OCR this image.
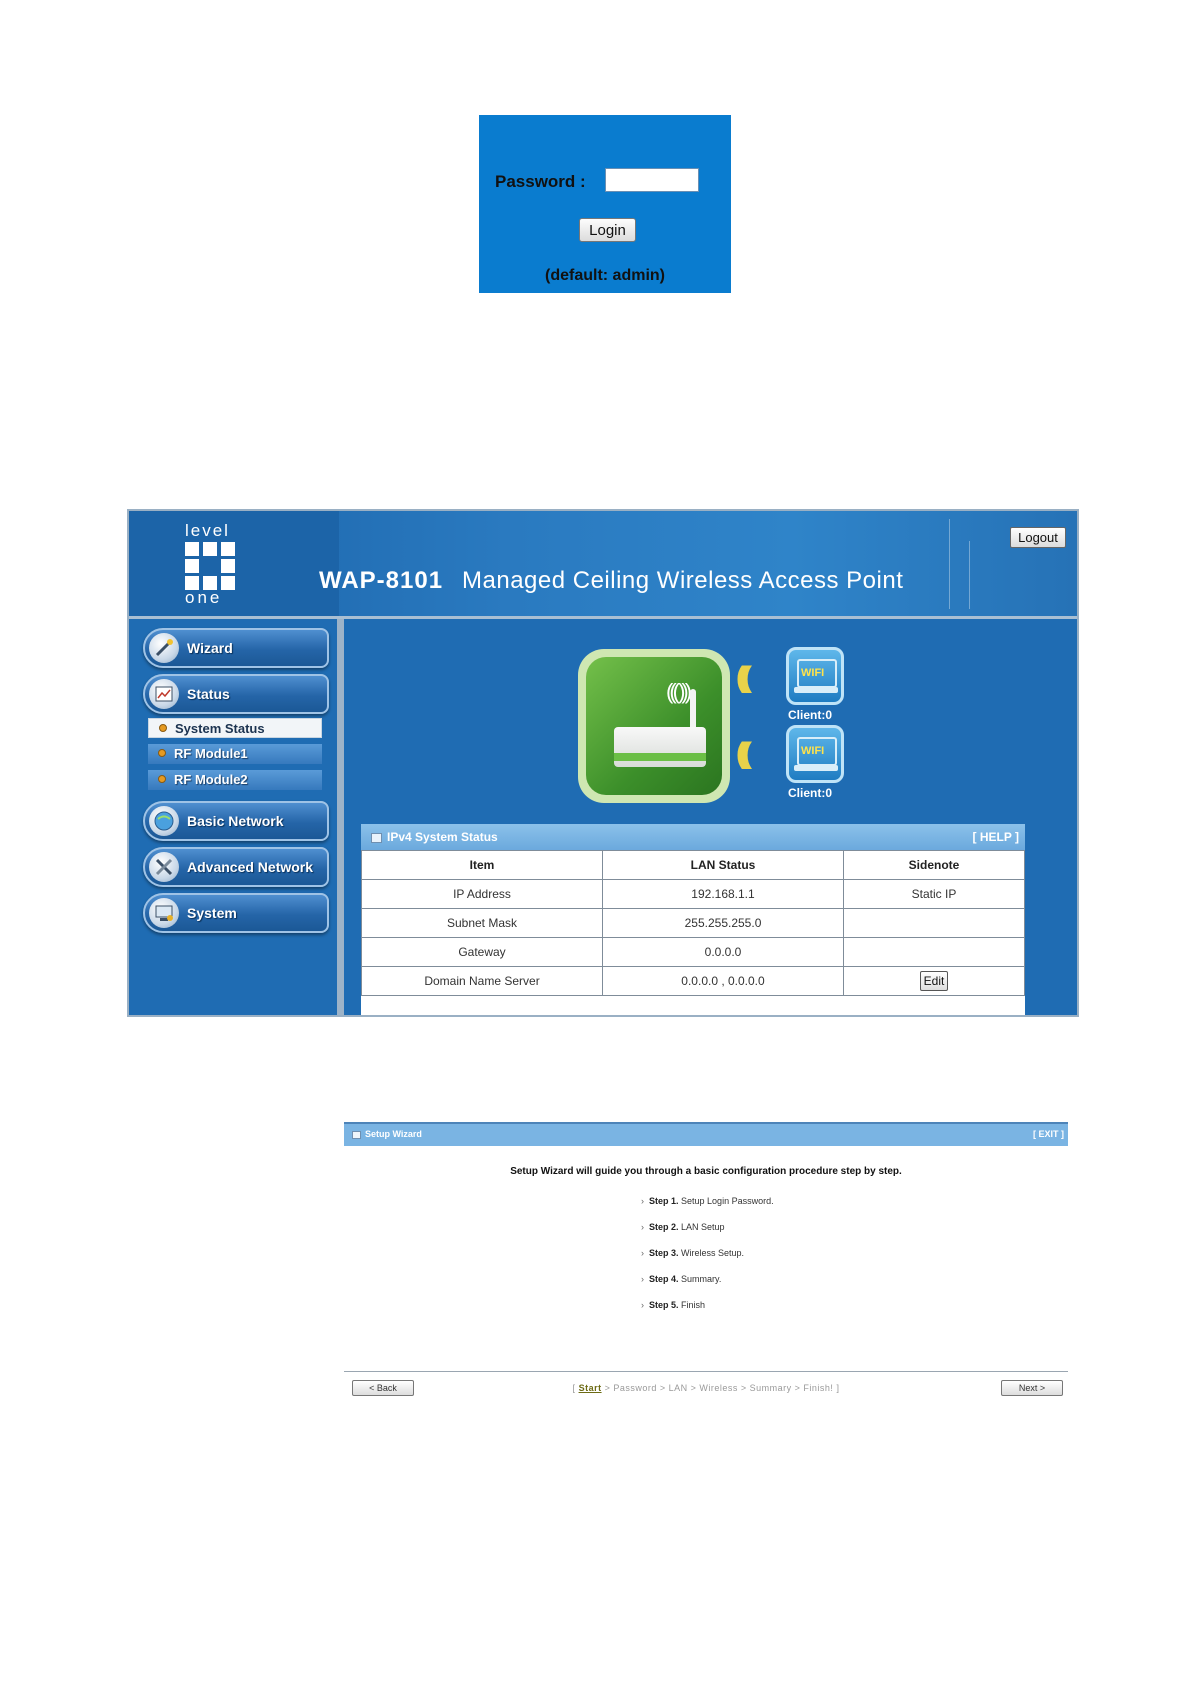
Password :
Login
(default: admin)
level
one
WAP-8101 Managed Ceiling Wireless Access Point
Logout
Wizard
Status
System Status
RF Module1
RF Module2
Basic Network
Advanced Network
System
((( ))) (((
(((
WIFI
Client:0
WIFI
Client:0
IPv4 System Status	[ HELP ]
Item	LAN Status	Sidenote
IP Address	192.168.1.1	Static IP
Subnet Mask	255.255.255.0	
Gateway	0.0.0.0	
Domain Name Server	0.0.0.0 , 0.0.0.0	Edit
Setup Wizard	[ EXIT ]
Setup Wizard will guide you through a basic configuration procedure step by step.
› Step 1. Setup Login Password.
› Step 2. LAN Setup
› Step 3. Wireless Setup.
› Step 4. Summary.
› Step 5. Finish
< Back	[ Start > Password > LAN > Wireless > Summary > Finish! ]	Next >
